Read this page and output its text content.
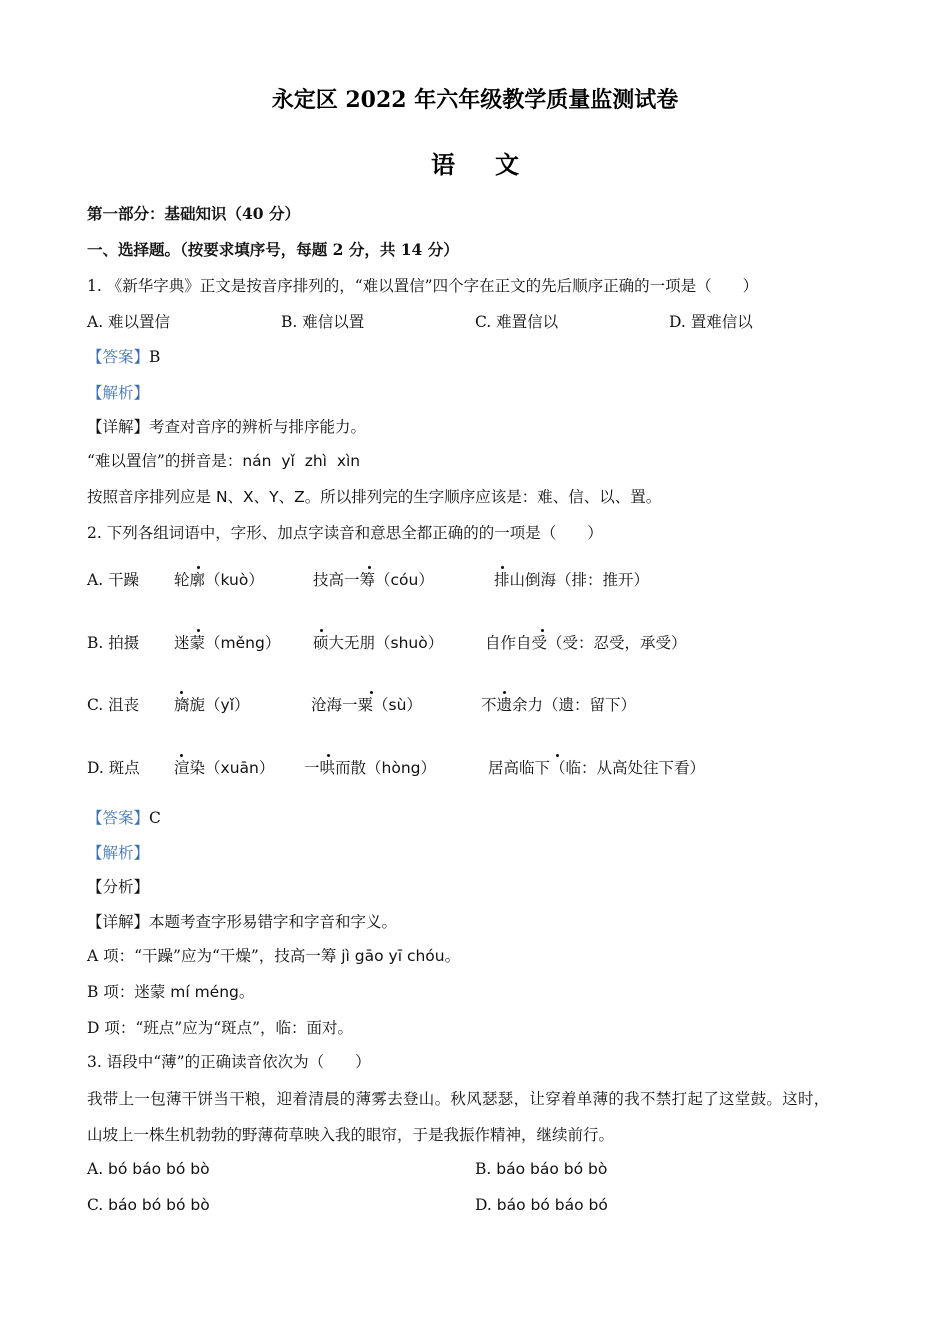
永定区 2022 年六年级教学质量监测试卷
语文
第一部分：基础知识（40 分）
一、选择题。（按要求填序号，每题 2 分，共 14 分）
1. 《新华字典》正文是按音序排列的，“难以置信”四个字在正文的先后顺序正确的一项是（　　）
A. 难以置信	B. 难信以置	C. 难置信以	D. 置难信以
【答案】B
【解析】
【详解】考查对音序的辨析与排序能力。
“难以置信”的拼音是：nán  yǐ  zhì  xìn
按照音序排列应是 N、X、Y、Z。所以排列完的生字顺序应该是：难、信、以、置。
2. 下列各组词语中，字形、加点字读音和意思全都正确的的一项是（　　）
A. 干躁 轮廓（kuò）	技高一筹（cóu）	排山倒海（排：推开）
B. 拍摄 迷蒙（měng） 硕大无朋（shuò）	自作自受（受：忍受，承受）
C. 沮丧 旖旎（yǐ）	沧海一粟（sù）	不遗余力（遗：留下）
D. 斑点 渲染（xuān） 一哄而散（hòng）	居高临下（临：从高处往下看）
【答案】C
【解析】
【分析】
【详解】本题考查字形易错字和字音和字义。
A 项：“干躁”应为“干燥”，技高一筹 jì gāo yī chóu。
B 项：迷蒙 mí méng。
D 项：“班点”应为“斑点”，临：面对。
3. 语段中“薄”的正确读音依次为（　　）
我带上一包薄干饼当干粮，迎着清晨的薄雾去登山。秋风瑟瑟，让穿着单薄的我不禁打起了这堂鼓。这时，
山坡上一株生机勃勃的野薄荷草映入我的眼帘，于是我振作精神，继续前行。
A. bó báo bó bò	B. báo báo bó bò
C. báo bó bó bò	D. báo bó báo bó
